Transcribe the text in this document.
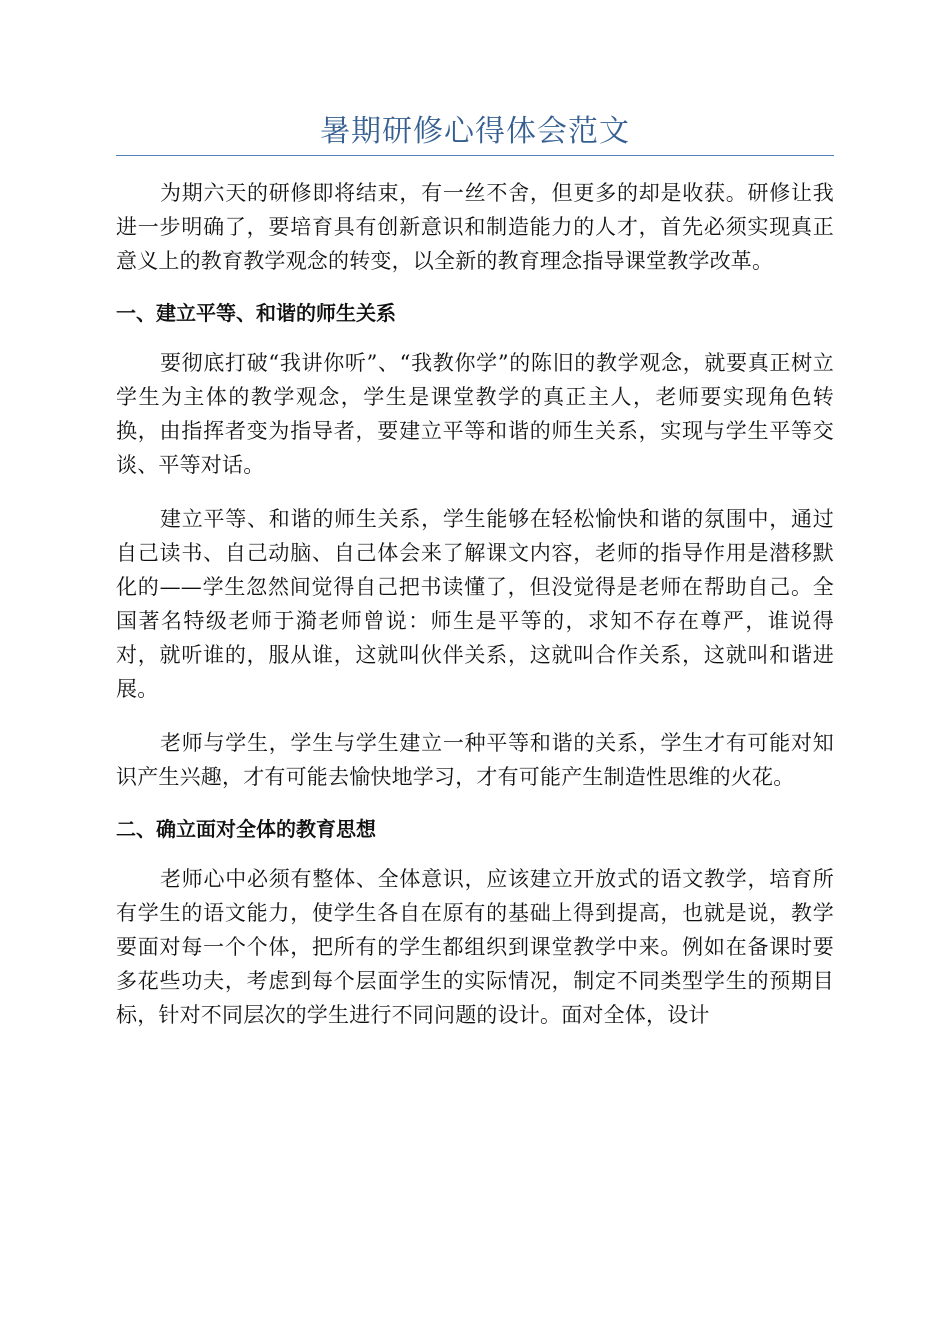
暑期研修心得体会范文

为期六天的研修即将结束，有一丝不舍，但更多的却是收获。研修让我进一步明确了，要培育具有创新意识和制造能力的人才，首先必须实现真正意义上的教育教学观念的转变，以全新的教育理念指导课堂教学改革。

一、建立平等、和谐的师生关系

要彻底打破“我讲你听”、“我教你学”的陈旧的教学观念，就要真正树立学生为主体的教学观念，学生是课堂教学的真正主人，老师要实现角色转换，由指挥者变为指导者，要建立平等和谐的师生关系，实现与学生平等交谈、平等对话。

建立平等、和谐的师生关系，学生能够在轻松愉快和谐的氛围中，通过自己读书、自己动脑、自己体会来了解课文内容，老师的指导作用是潜移默化的——学生忽然间觉得自己把书读懂了，但没觉得是老师在帮助自己。全国著名特级老师于漪老师曾说：师生是平等的，求知不存在尊严，谁说得对，就听谁的，服从谁，这就叫伙伴关系，这就叫合作关系，这就叫和谐进展。

老师与学生，学生与学生建立一种平等和谐的关系，学生才有可能对知识产生兴趣，才有可能去愉快地学习，才有可能产生制造性思维的火花。

二、确立面对全体的教育思想

老师心中必须有整体、全体意识，应该建立开放式的语文教学，培育所有学生的语文能力，使学生各自在原有的基础上得到提高，也就是说，教学要面对每一个个体，把所有的学生都组织到课堂教学中来。例如在备课时要多花些功夫，考虑到每个层面学生的实际情况，制定不同类型学生的预期目标，针对不同层次的学生进行不同问题的设计。面对全体，设计
